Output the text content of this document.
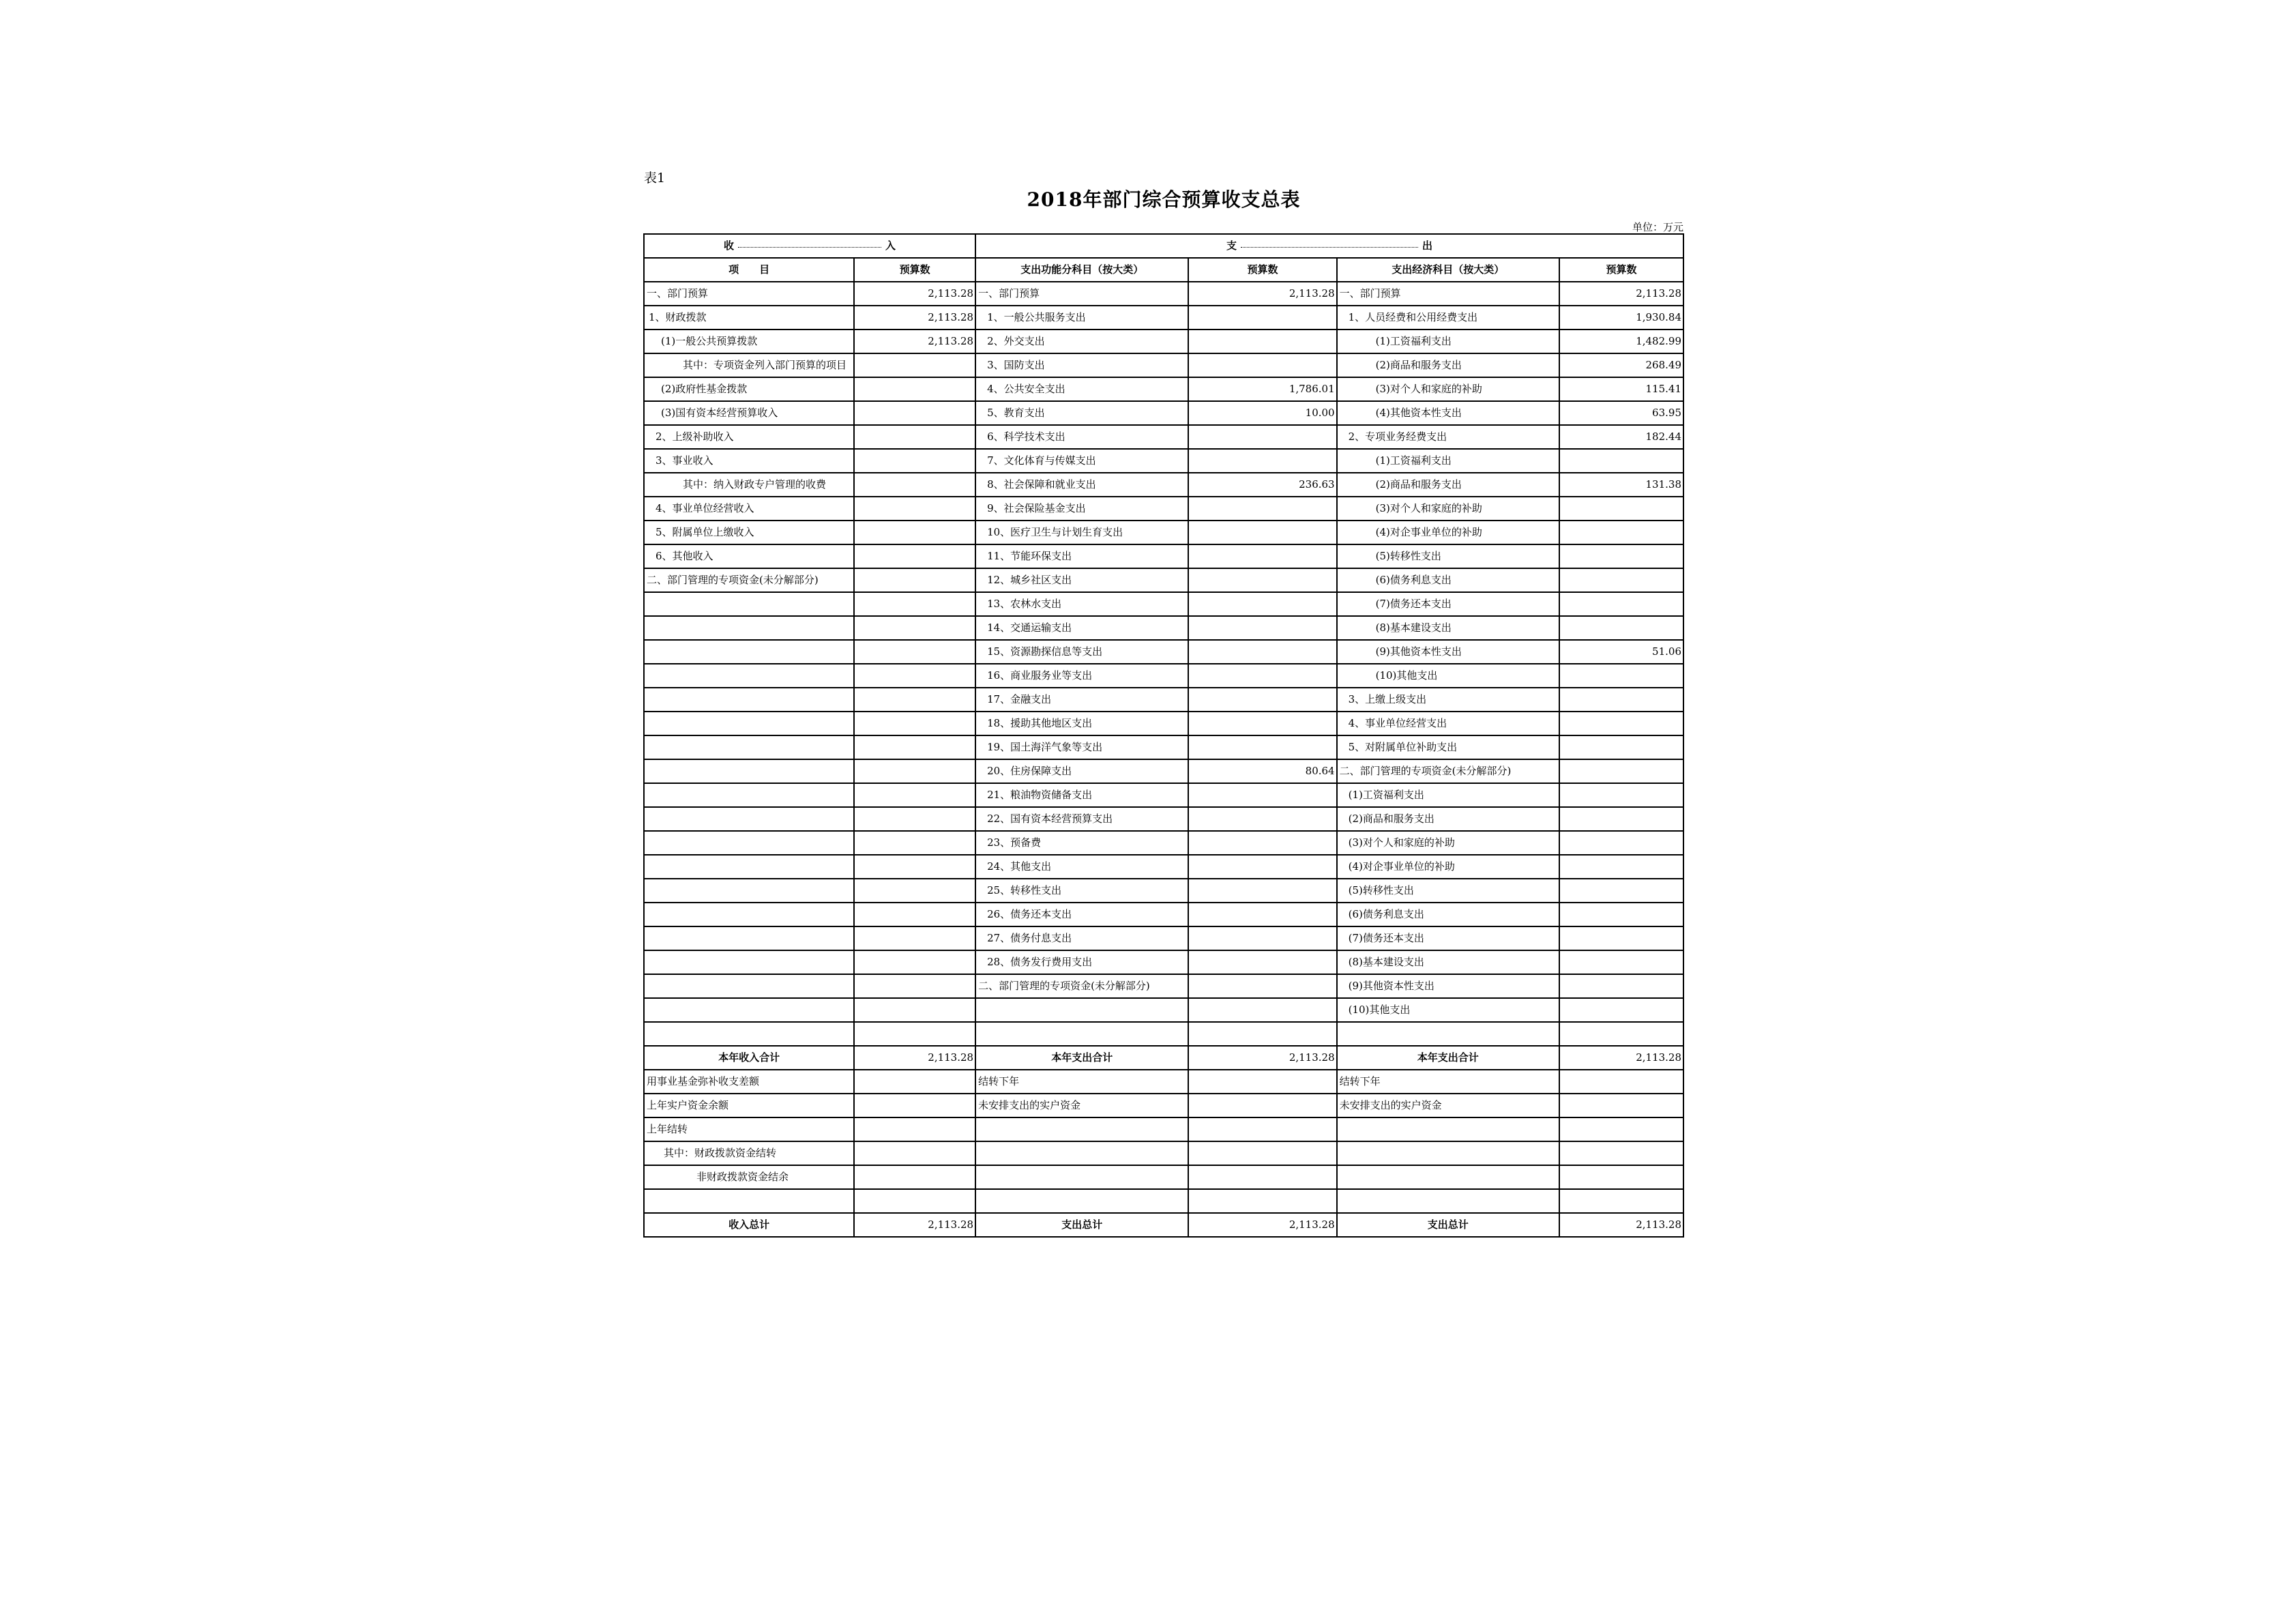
表1
2018年部门综合预算收支总表
单位：万元
收 入		支 出			
项　　目	预算数	支出功能分科目（按大类）	预算数	支出经济科目（按大类）	预算数
一、部门预算	2,113.28	一、部门预算	2,113.28	一、部门预算	2,113.28
1、财政拨款	2,113.28	1、一般公共服务支出		1、人员经费和公用经费支出	1,930.84
(1)一般公共预算拨款	2,113.28	2、外交支出		(1)工资福利支出	1,482.99
其中：专项资金列入部门预算的项目		3、国防支出		(2)商品和服务支出	268.49
(2)政府性基金拨款		4、公共安全支出	1,786.01	(3)对个人和家庭的补助	115.41
(3)国有资本经营预算收入		5、教育支出	10.00	(4)其他资本性支出	63.95
2、上级补助收入		6、科学技术支出		2、专项业务经费支出	182.44
3、事业收入		7、文化体育与传媒支出		(1)工资福利支出	
其中：纳入财政专户管理的收费		8、社会保障和就业支出	236.63	(2)商品和服务支出	131.38
4、事业单位经营收入		9、社会保险基金支出		(3)对个人和家庭的补助	
5、附属单位上缴收入		10、医疗卫生与计划生育支出		(4)对企事业单位的补助	
6、其他收入		11、节能环保支出		(5)转移性支出	
二、部门管理的专项资金(未分解部分)		12、城乡社区支出		(6)债务利息支出	
		13、农林水支出		(7)债务还本支出	
		14、交通运输支出		(8)基本建设支出	
		15、资源勘探信息等支出		(9)其他资本性支出	51.06
		16、商业服务业等支出		(10)其他支出	
		17、金融支出		3、上缴上级支出	
		18、援助其他地区支出		4、事业单位经营支出	
		19、国土海洋气象等支出		5、对附属单位补助支出	
		20、住房保障支出	80.64	二、部门管理的专项资金(未分解部分)	
		21、粮油物资储备支出		(1)工资福利支出	
		22、国有资本经营预算支出		(2)商品和服务支出	
		23、预备费		(3)对个人和家庭的补助	
		24、其他支出		(4)对企事业单位的补助	
		25、转移性支出		(5)转移性支出	
		26、债务还本支出		(6)债务利息支出	
		27、债务付息支出		(7)债务还本支出	
		28、债务发行费用支出		(8)基本建设支出	
		二、部门管理的专项资金(未分解部分)		(9)其他资本性支出	
				(10)其他支出	

本年收入合计	2,113.28	本年支出合计	2,113.28	本年支出合计	2,113.28
用事业基金弥补收支差额		结转下年		结转下年	
上年实户资金余额		未安排支出的实户资金		未安排支出的实户资金	
上年结转					
其中：财政拨款资金结转					
非财政拨款资金结余					

收入总计	2,113.28	支出总计	2,113.28	支出总计	2,113.28
